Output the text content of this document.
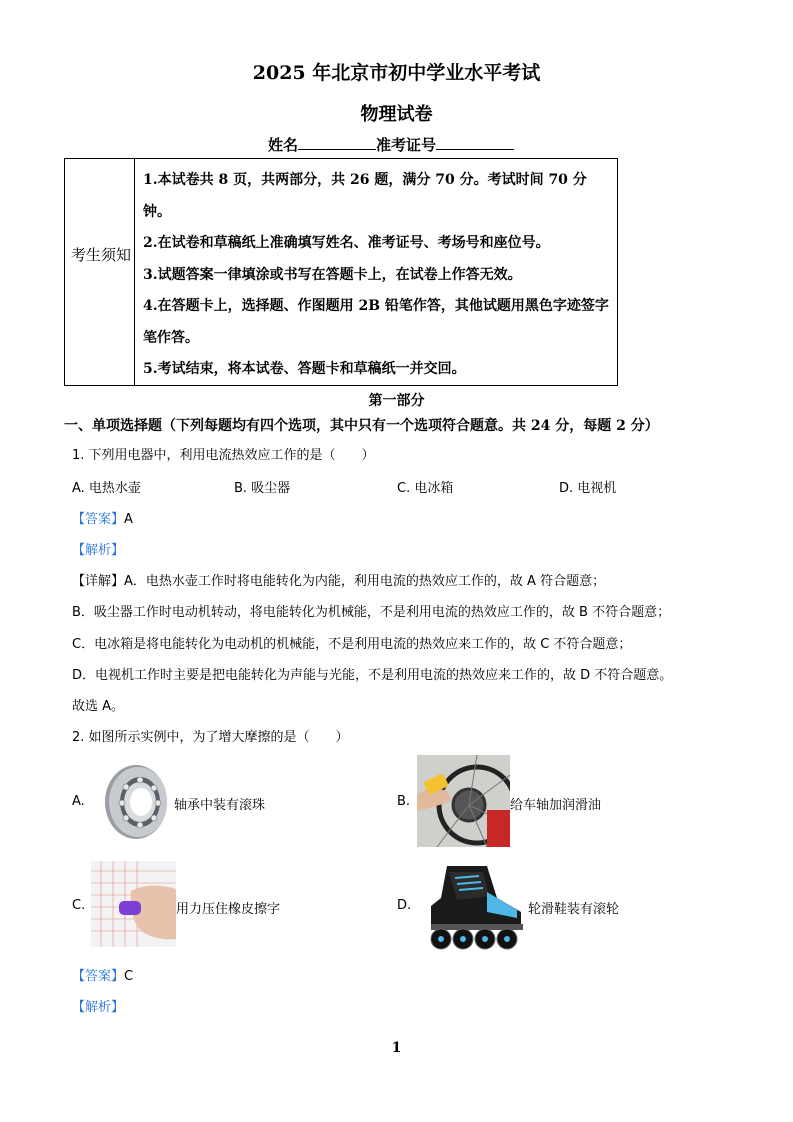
2025 年北京市初中学业水平考试
物理试卷
姓名	准考证号
考生须知
1.本试卷共 8 页，共两部分，共 26 题，满分 70 分。考试时间 70 分钟。
2.在试卷和草稿纸上准确填写姓名、准考证号、考场号和座位号。
3.试题答案一律填涂或书写在答题卡上，在试卷上作答无效。
4.在答题卡上，选择题、作图题用 2B 铅笔作答，其他试题用黑色字迹签字笔作答。
5.考试结束，将本试卷、答题卡和草稿纸一并交回。
第一部分
一、单项选择题（下列每题均有四个选项，其中只有一个选项符合题意。共 24 分，每题 2 分）
1. 下列用电器中，利用电流热效应工作的是（　　）
A. 电热水壶	B. 吸尘器	C. 电冰箱	D. 电视机
【答案】A
【解析】
【详解】A．电热水壶工作时将电能转化为内能，利用电流的热效应工作的，故 A 符合题意；
B．吸尘器工作时电动机转动，将电能转化为机械能，不是利用电流的热效应工作的，故 B 不符合题意；
C．电冰箱是将电能转化为电动机的机械能，不是利用电流的热效应来工作的，故 C 不符合题意；
D．电视机工作时主要是把电能转化为声能与光能，不是利用电流的热效应来工作的，故 D 不符合题意。
故选 A。
2. 如图所示实例中，为了增大摩擦的是（　　）
A.	轴承中装有滚珠	B.	给车轴加润滑油
C.	用力压住橡皮擦字	D.	轮滑鞋装有滚轮
【答案】C
【解析】
1
